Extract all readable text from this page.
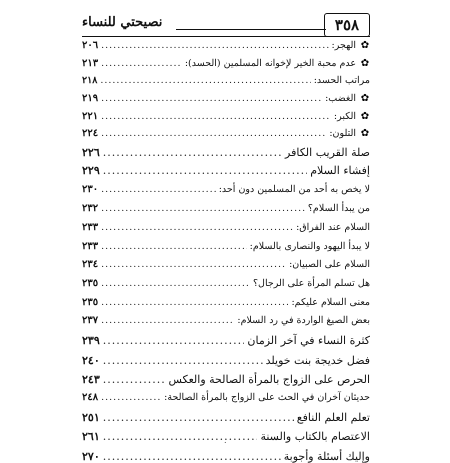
٣٥٨
نصيحتي للنساء
✿الهجر:
.....
٢٠٦
✿عدم محبة الخير لإخوانه المسلمين (الحسد):
.....
٢١٣
مراتب الحسد:
.....
٢١٨
✿الغضب:
.....
٢١٩
✿الكبر:
.....
٢٢١
✿التلون:
.....
٢٢٤
صلة القريب الكافر
.....
٢٢٦
إفشاء السلام
.....
٢٢٩
لا يخص به أحد من المسلمين دون أحد:
.....
٢٣٠
من يبدأ السلام؟
.....
٢٣٢
السلام عند الفراق:
.....
٢٣٣
لا يبدأ اليهود والنصارى بالسلام:
.....
٢٣٣
السلام على الصبيان:
.....
٢٣٤
هل تسلم المرأة على الرجال؟
.....
٢٣٥
معنى السلام عليكم:
.....
٢٣٥
بعض الصيغ الواردة في رد السلام:
.....
٢٣٧
كثرة النساء في آخر الزمان
.....
٢٣٩
فضل خديجة بنت خويلد
.....
٢٤٠
الحرص على الزواج بالمرأة الصالحة والعكس
.....
٢٤٣
حديثان آخران في الحث على الزواج بالمرأة الصالحة:
.....
٢٤٨
تعلم العلم النافع
.....
٢٥١
الاعتصام بالكتاب والسنة
.....
٢٦١
وإليك أسئلة وأجوبة
.....
٢٧٠
.
